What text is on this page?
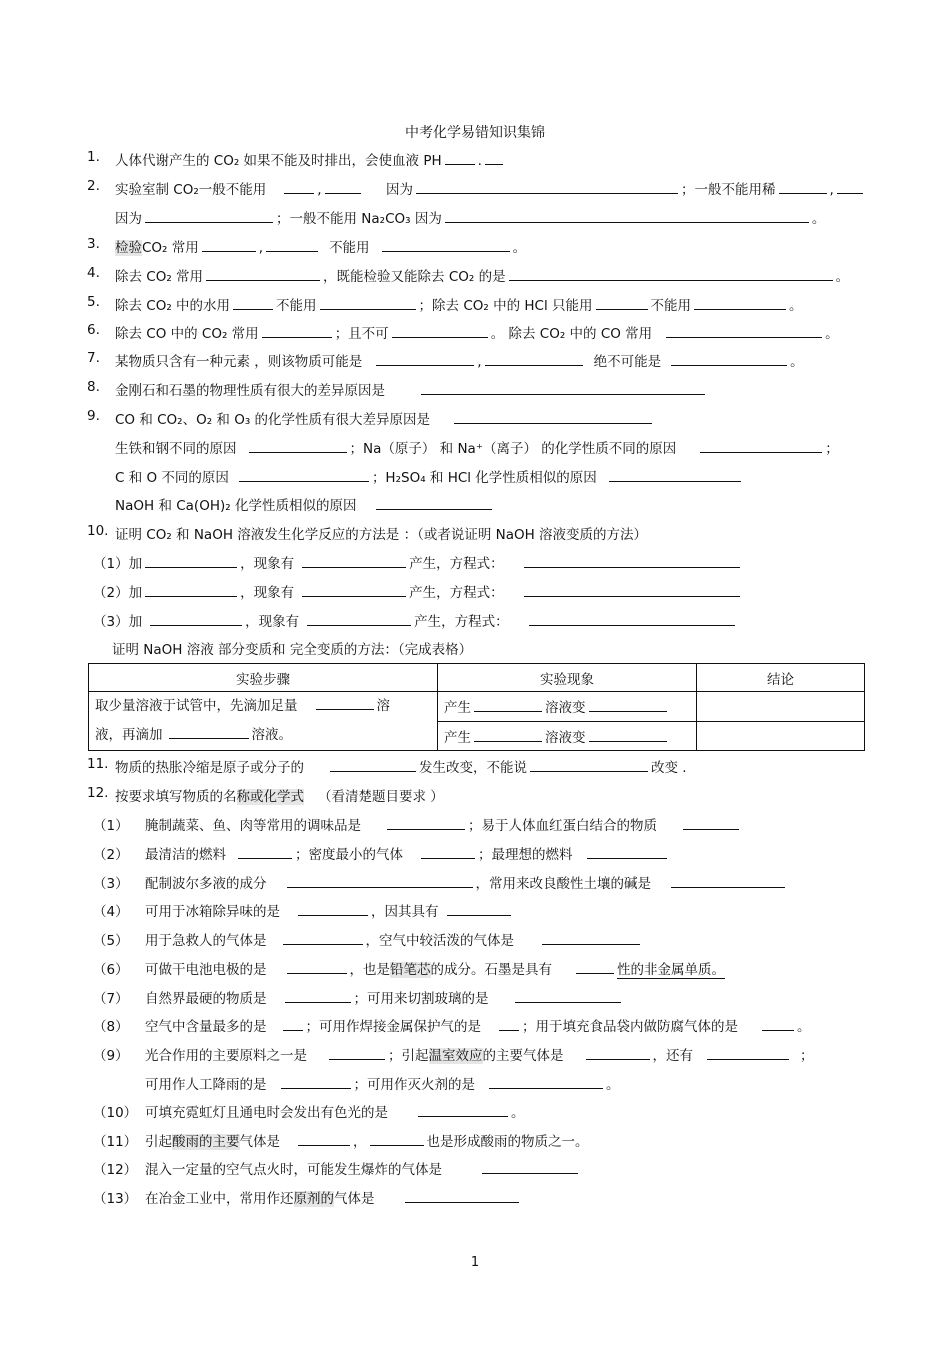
中考化学易错知识集锦
1. 人体代谢产生的 CO₂ 如果不能及时排出，会使血液 PH	.
2. 实验室制 CO₂一般不能用	,	因为	；一般不能用稀	,
因为	；一般不能用 Na₂CO₃ 因为	。
3. 检验CO₂ 常用	,	不能用	。
4. 除去 CO₂ 常用	，既能检验又能除去 CO₂ 的是	。
5. 除去 CO₂ 中的水用	不能用	；除去 CO₂ 中的 HCl 只能用	不能用	。
6. 除去 CO 中的 CO₂ 常用	；且不可	。 除去 CO₂ 中的 CO 常用	。
7. 某物质只含有一种元素 ，则该物质可能是	,	绝不可能是	。
8. 金刚石和石墨的物理性质有很大的差异原因是
9. CO 和 CO₂、O₂ 和 O₃ 的化学性质有很大差异原因是
生铁和钢不同的原因	；Na（原子） 和 Na⁺（离子） 的化学性质不同的原因	；
C 和 O 不同的原因	；H₂SO₄ 和 HCl 化学性质相似的原因
NaOH 和 Ca(OH)₂ 化学性质相似的原因
10. 证明 CO₂ 和 NaOH 溶液发生化学反应的方法是 ：（或者说证明 NaOH 溶液变质的方法）
（1）加	，现象有	产生，方程式：
（2）加	，现象有	产生，方程式：
（3）加	，现象有	产生，方程式：
证明 NaOH 溶液 部分变质和 完全变质的方法：（完成表格）
实验步骤	实验现象	结论
取少量溶液于试管中，先滴加足量 溶
液，再滴加 溶液。	产生 溶液变	
	产生 溶液变	
11. 物质的热胀冷缩是原子或分子的	发生改变，不能说	改变 .
12. 按要求填写物质的名称或化学式 （看清楚题目要求 ）
（1） 腌制蔬菜、鱼、肉等常用的调味品是	；易于人体血红蛋白结合的物质
（2） 最清洁的燃料	；密度最小的气体	；最理想的燃料
（3） 配制波尔多液的成分	，常用来改良酸性土壤的碱是
（4） 可用于冰箱除异味的是	，因其具有
（5） 用于急救人的气体是	，空气中较活泼的气体是
（6） 可做干电池电极的是	，也是铅笔芯的成分。石墨是具有	性的非金属单质。
（7） 自然界最硬的物质是	；可用来切割玻璃的是
（8） 空气中含量最多的是	；可用作焊接金属保护气的是	；用于填充食品袋内做防腐气体的是	。
（9） 光合作用的主要原料之一是	；引起温室效应的主要气体是	，还有	；
可用作人工降雨的是	；可用作灭火剂的是	。
（10） 可填充霓虹灯且通电时会发出有色光的是	。
（11） 引起酸雨的主要气体是	，	也是形成酸雨的物质之一。
（12） 混入一定量的空气点火时，可能发生爆炸的气体是
（13） 在冶金工业中，常用作还原剂的气体是
1
